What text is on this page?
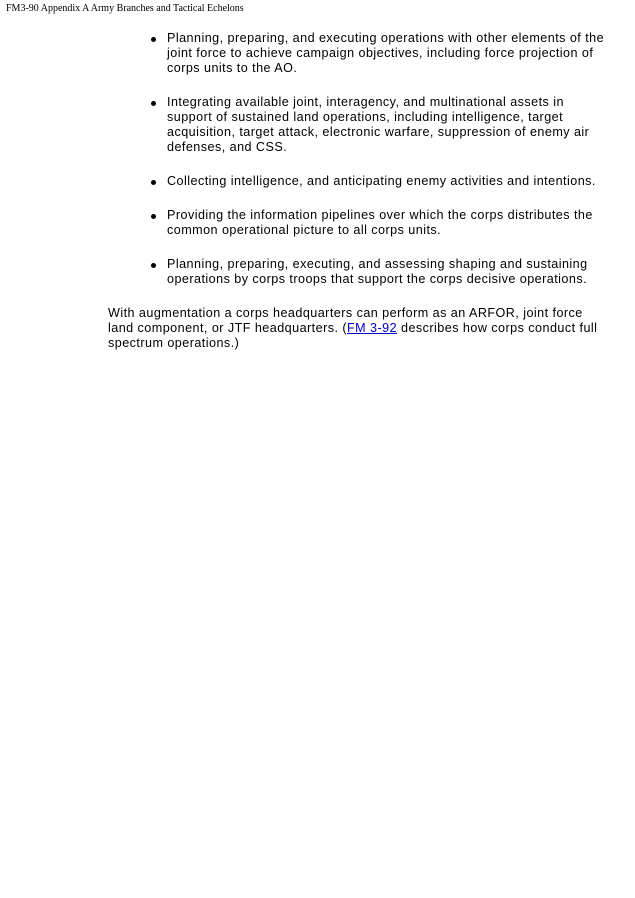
FM3-90 Appendix A Army Branches and Tactical Echelons
Planning, preparing, and executing operations with other elements of the joint force to achieve campaign objectives, including force projection of corps units to the AO.
Integrating available joint, interagency, and multinational assets in support of sustained land operations, including intelligence, target acquisition, target attack, electronic warfare, suppression of enemy air defenses, and CSS.
Collecting intelligence, and anticipating enemy activities and intentions.
Providing the information pipelines over which the corps distributes the common operational picture to all corps units.
Planning, preparing, executing, and assessing shaping and sustaining operations by corps troops that support the corps decisive operations.

With augmentation a corps headquarters can perform as an ARFOR, joint force land component, or JTF headquarters. (FM 3-92 describes how corps conduct full spectrum operations.)
